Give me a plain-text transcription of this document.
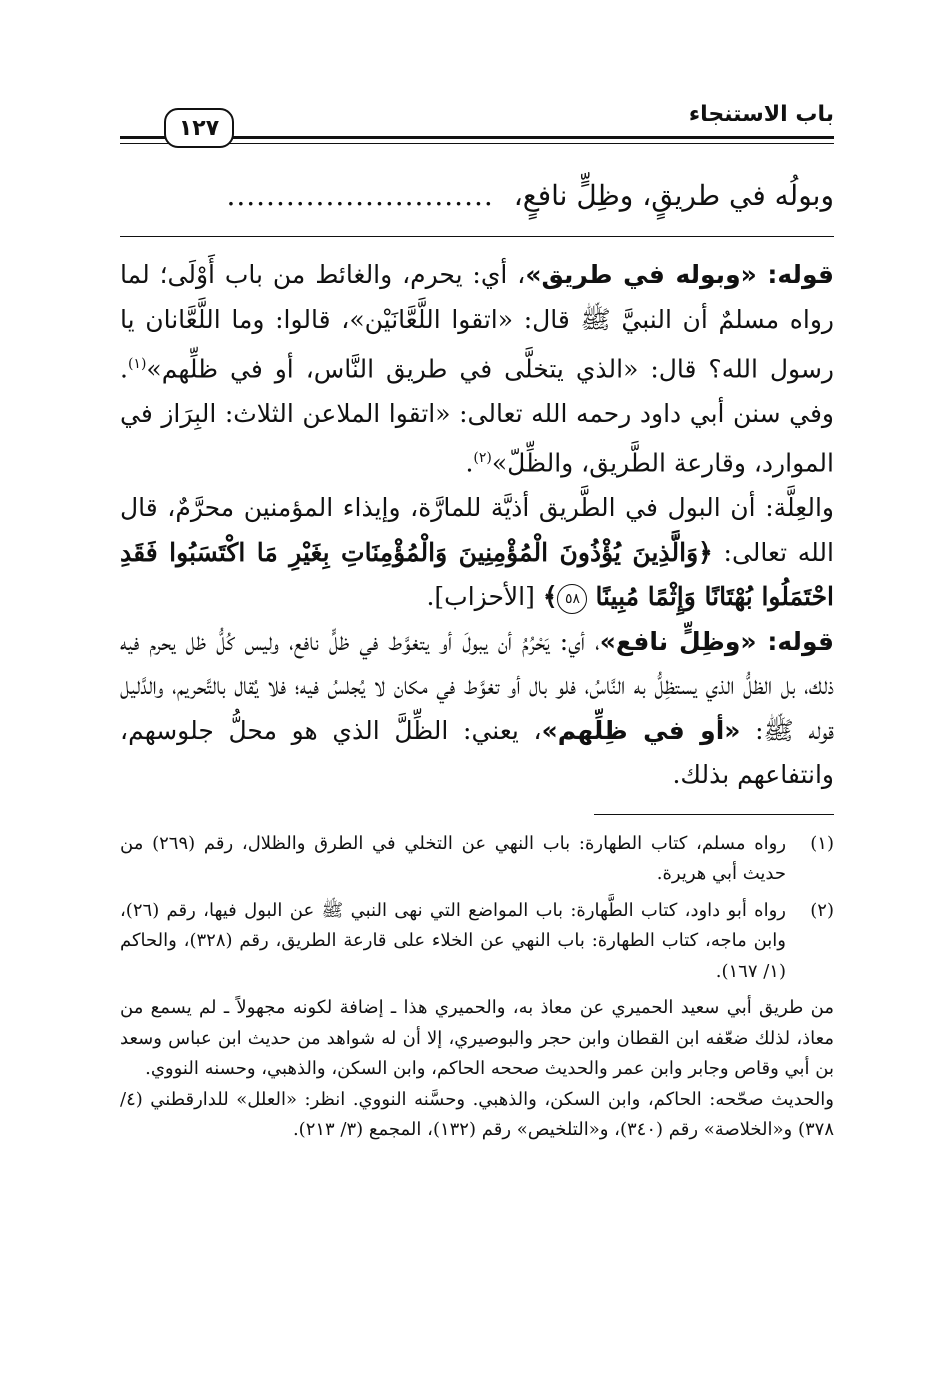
باب الاستنجاء
١٢٧
وبولُه في طريقٍ، وظِلٍّ نافعٍ،
...........................

قوله: «وبوله في طريق»، أي: يحرم، والغائط من باب أَوْلَى؛ لما رواه مسلمٌ أن النبيَّ ﷺ قال: «اتقوا اللَّعَّانَيْن»، قالوا: وما اللَّعَّانان يا رسول الله؟ قال: «الذي يتخلَّى في طريق النَّاس، أو في ظلِّهم»$^{(١)}$. وفي سنن أبي داود رحمه الله تعالى: «اتقوا الملاعن الثلاث: البِرَاز في الموارد، وقارعة الطَّريق، والظِّلّ»$^{(٢)}$.

والعِلَّة: أن البول في الطَّريق أذيَّة للمارَّة، وإيذاء المؤمنين محرَّمٌ، قال الله تعالى: ﴿وَالَّذِينَ يُؤْذُونَ الْمُؤْمِنِينَ وَالْمُؤْمِنَاتِ بِغَيْرِ مَا اكْتَسَبُوا فَقَدِ احْتَمَلُوا بُهْتَانًا وَإِثْمًا مُبِينًا ٥٨﴾ [الأحزاب].

قوله: «وظِلٍّ نافع»، أي: يَحْرُمُ أن يبولَ أو يتغوَّط في ظلٍّ نافع، وليس كُلُّ ظل يحرم فيه ذلك، بل الظلُّ الذي يستظِلُّ به النَّاسُ، فلو بال أو تغوَّط في مكان لا يُجلسُ فيه؛ فلا يُقال بالتَّحريم، والدَّليل قوله ﷺ: «أو في ظِلِّهم»، يعني: الظِّلَّ الذي هو محلُّ جلوسهم، وانتفاعهم بذلك.

(١)
رواه مسلم، كتاب الطهارة: باب النهي عن التخلي في الطرق والظلال، رقم (٢٦٩) من حديث أبي هريرة.
(٢)
رواه أبو داود، كتاب الطَّهارة: باب المواضع التي نهى النبي ﷺ عن البول فيها، رقم (٢٦)، وابن ماجه، كتاب الطهارة: باب النهي عن الخلاء على قارعة الطريق، رقم (٣٢٨)، والحاكم (١/ ١٦٧).

من طريق أبي سعيد الحميري عن معاذ به، والحميري هذا ـ إضافة لكونه مجهولاً ـ لم يسمع من معاذ، لذلك ضعّفه ابن القطان وابن حجر والبوصيري، إلا أن له شواهد من حديث ابن عباس وسعد بن أبي وقاص وجابر وابن عمر والحديث صححه الحاكم، وابن السكن، والذهبي، وحسنه النووي.

والحديث صحّحه: الحاكم، وابن السكن، والذهبي. وحسَّنه النووي. انظر: «العلل» للدارقطني (٤/ ٣٧٨) و«الخلاصة» رقم (٣٤٠)، و«التلخيص» رقم (١٣٢)، المجمع (٣/ ٢١٣).
